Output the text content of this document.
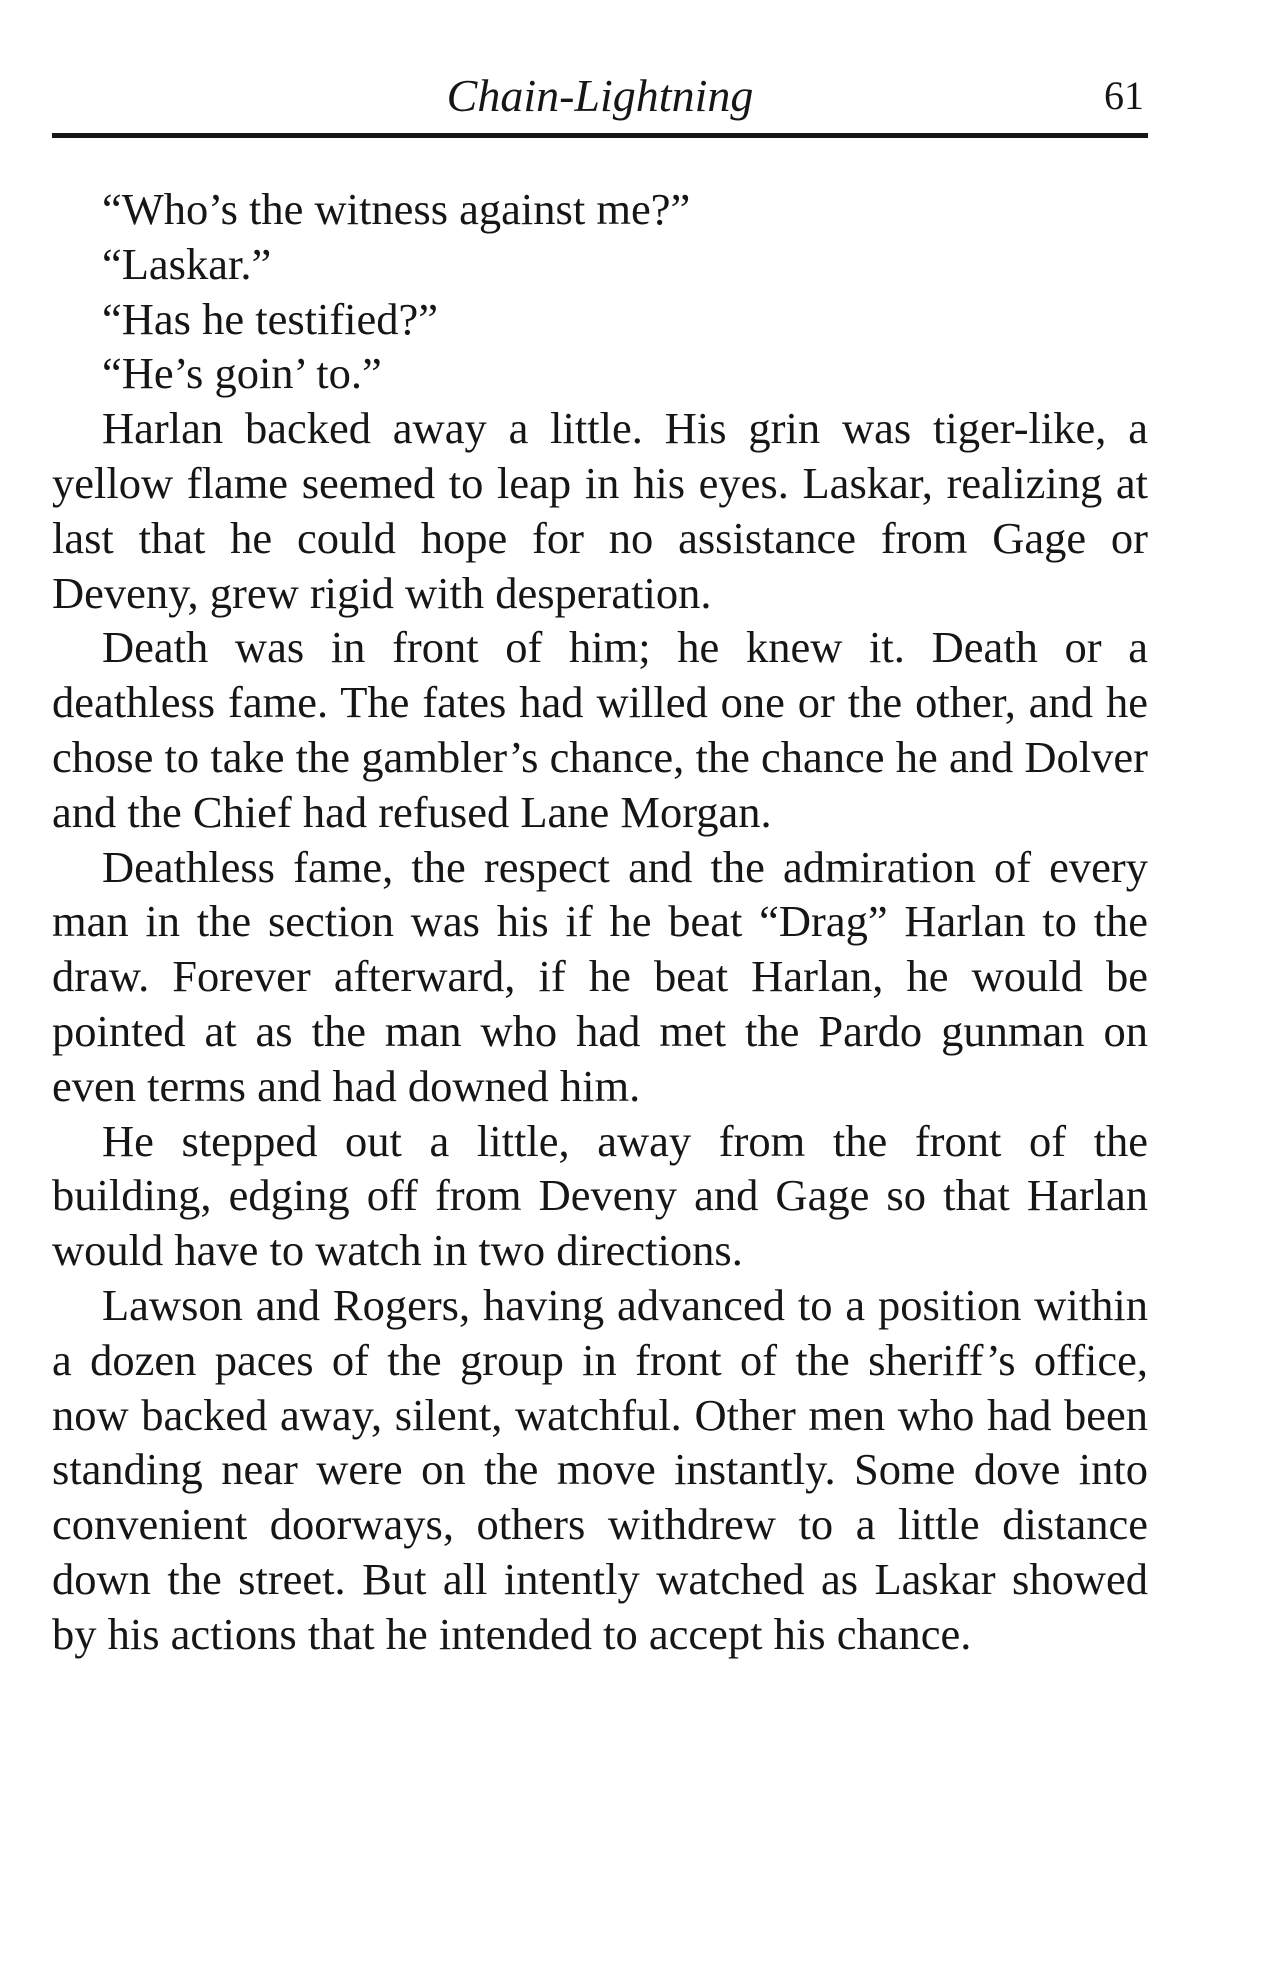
Chain-Lightning	61

“Who’s the witness against me?”

“Laskar.”

“Has he testified?”

“He’s goin’ to.”

Harlan backed away a little. His grin was tiger-like, a yellow flame seemed to leap in his eyes. Laskar, realizing at last that he could hope for no assistance from Gage or Deveny, grew rigid with desperation.

Death was in front of him; he knew it. Death or a deathless fame. The fates had willed one or the other, and he chose to take the gambler’s chance, the chance he and Dolver and the Chief had refused Lane Morgan.

Deathless fame, the respect and the admiration of every man in the section was his if he beat “Drag” Harlan to the draw. Forever afterward, if he beat Harlan, he would be pointed at as the man who had met the Pardo gunman on even terms and had downed him.

He stepped out a little, away from the front of the building, edging off from Deveny and Gage so that Harlan would have to watch in two directions.

Lawson and Rogers, having advanced to a position within a dozen paces of the group in front of the sheriff’s office, now backed away, silent, watchful. Other men who had been standing near were on the move instantly. Some dove into convenient doorways, others withdrew to a little distance down the street. But all intently watched as Laskar showed by his actions that he intended to accept his chance.
